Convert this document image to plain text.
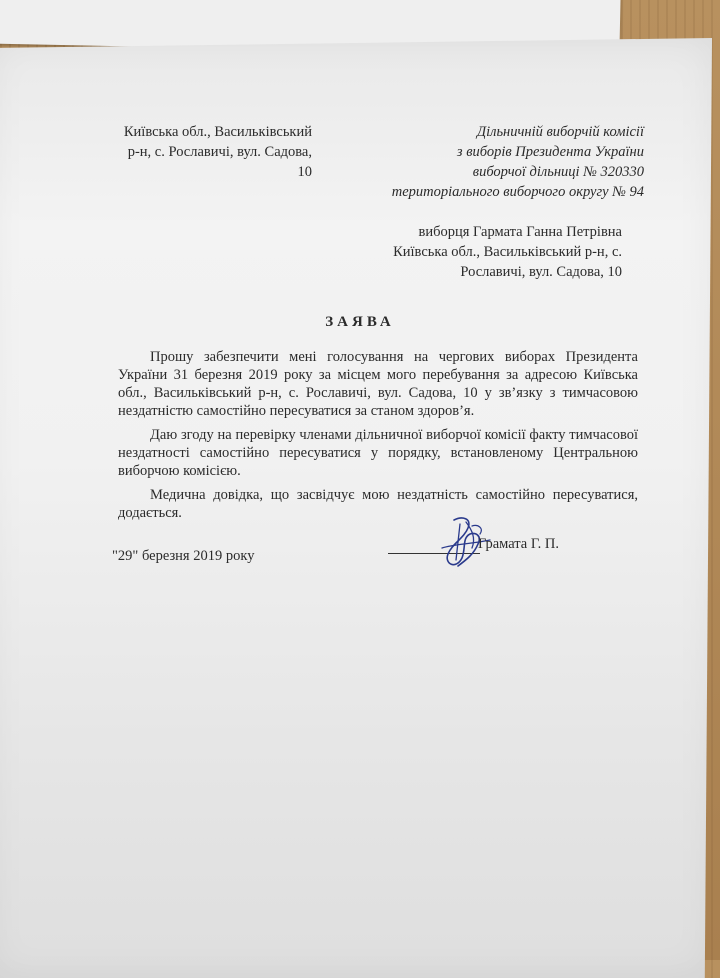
Київська обл., Васильківський
р-н, с. Рославичі, вул. Садова,
10
Дільничній виборчій комісії
з виборів Президента України
виборчої дільниці № 320330
територіального виборчого округу № 94
виборця Гармата Ганна Петрівна
Київська обл., Васильківський р-н, с.
Рославичі, вул. Садова, 10
ЗАЯВА

Прошу забезпечити мені голосування на чергових виборах Президента України 31 березня 2019 року за місцем мого перебування за адресою Київська обл., Васильківський р-н, с. Рославичі, вул. Садова, 10 у зв’язку з тимчасовою нездатністю самостійно пересуватися за станом здоров’я.

Даю згоду на перевірку членами дільничної виборчої комісії факту тимчасової нездатності самостійно пересуватися у порядку, встановленому Центральною виборчою комісією.

Медична довідка, що засвідчує мою нездатність самостійно пересуватися, додається.

"29" березня 2019 року
Грамата Г. П.
